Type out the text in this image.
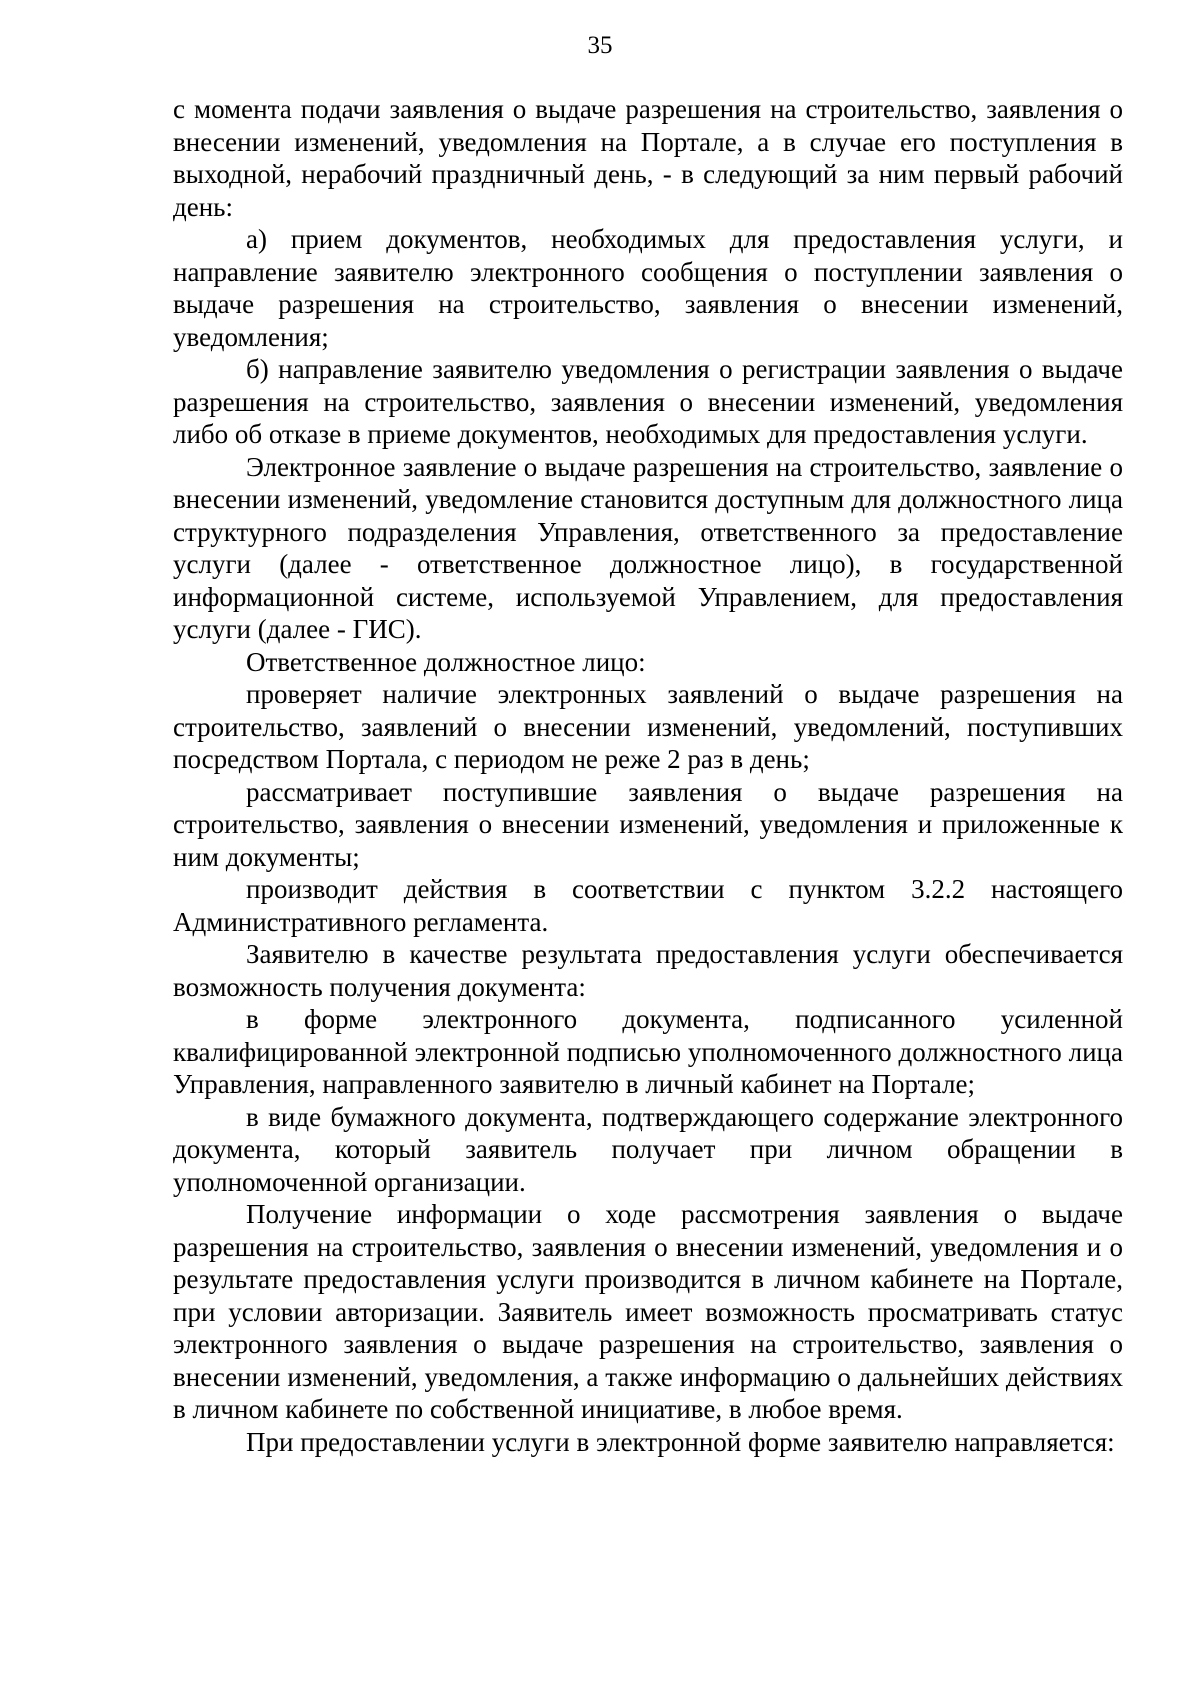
35

с момента подачи заявления о выдаче разрешения на строительство, заявления о внесении изменений, уведомления на Портале, а в случае его поступления в выходной, нерабочий праздничный день, - в следующий за ним первый рабочий день:

а) прием документов, необходимых для предоставления услуги, и направление заявителю электронного сообщения о поступлении заявления о выдаче разрешения на строительство, заявления о внесении изменений, уведомления;

б) направление заявителю уведомления о регистрации заявления о выдаче разрешения на строительство, заявления о внесении изменений, уведомления либо об отказе в приеме документов, необходимых для предоставления услуги.

Электронное заявление о выдаче разрешения на строительство, заявление о внесении изменений, уведомление становится доступным для должностного лица структурного подразделения Управления, ответственного за предоставление услуги (далее - ответственное должностное лицо), в государственной информационной системе, используемой Управлением, для предоставления услуги (далее - ГИС).

Ответственное должностное лицо:

проверяет наличие электронных заявлений о выдаче разрешения на строительство, заявлений о внесении изменений, уведомлений, поступивших посредством Портала, с периодом не реже 2 раз в день;

рассматривает поступившие заявления о выдаче разрешения на строительство, заявления о внесении изменений, уведомления и приложенные к ним документы;

производит действия в соответствии с пунктом 3.2.2 настоящего Административного регламента.

Заявителю в качестве результата предоставления услуги обеспечивается возможность получения документа:

в форме электронного документа, подписанного усиленной квалифицированной электронной подписью уполномоченного должностного лица Управления, направленного заявителю в личный кабинет на Портале;

в виде бумажного документа, подтверждающего содержание электронного документа, который заявитель получает при личном обращении в уполномоченной организации.

Получение информации о ходе рассмотрения заявления о выдаче разрешения на строительство, заявления о внесении изменений, уведомления и о результате предоставления услуги производится в личном кабинете на Портале, при условии авторизации. Заявитель имеет возможность просматривать статус электронного заявления о выдаче разрешения на строительство, заявления о внесении изменений, уведомления, а также информацию о дальнейших действиях в личном кабинете по собственной инициативе, в любое время.

При предоставлении услуги в электронной форме заявителю направляется:
